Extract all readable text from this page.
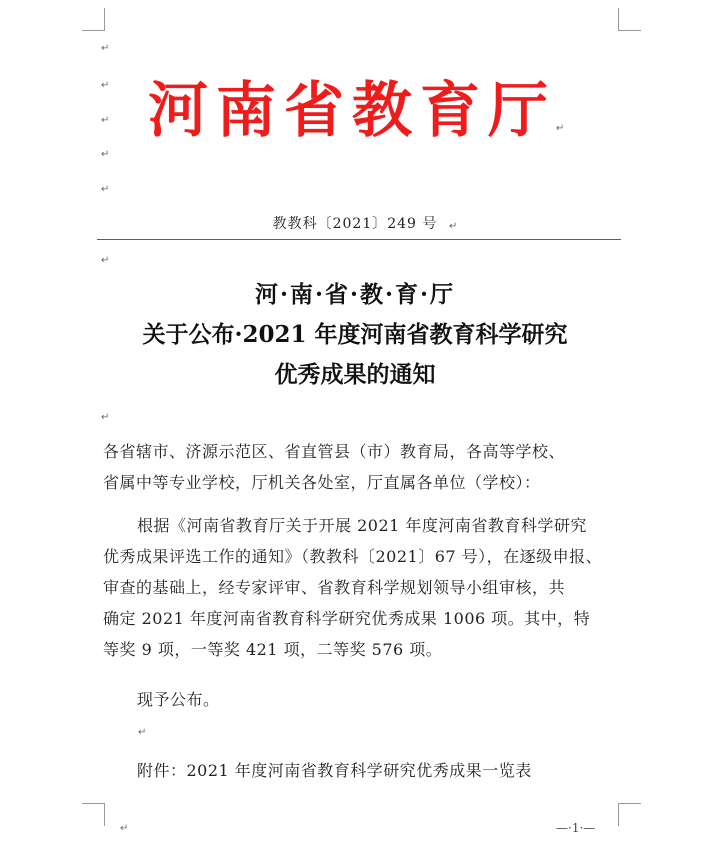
↵
↵
↵
↵
↵
河南省教育厅 ↵
教教科〔2021〕249 号	↵
↵
河·南·省·教·育·厅
关于公布·2021 年度河南省教育科学研究
优秀成果的通知
↵
各省辖市、济源示范区、省直管县（市）教育局，各高等学校、
省属中等专业学校，厅机关各处室，厅直属各单位（学校）：
根据《河南省教育厅关于开展 2021 年度河南省教育科学研究
优秀成果评选工作的通知》（教教科〔2021〕67 号），在逐级申报、
审查的基础上，经专家评审、省教育科学规划领导小组审核，共
确定 2021 年度河南省教育科学研究优秀成果 1006 项。其中，特
等奖 9 项，一等奖 421 项，二等奖 576 项。
现予公布。
↵
附件：2021 年度河南省教育科学研究优秀成果一览表
↵	—·1·—
